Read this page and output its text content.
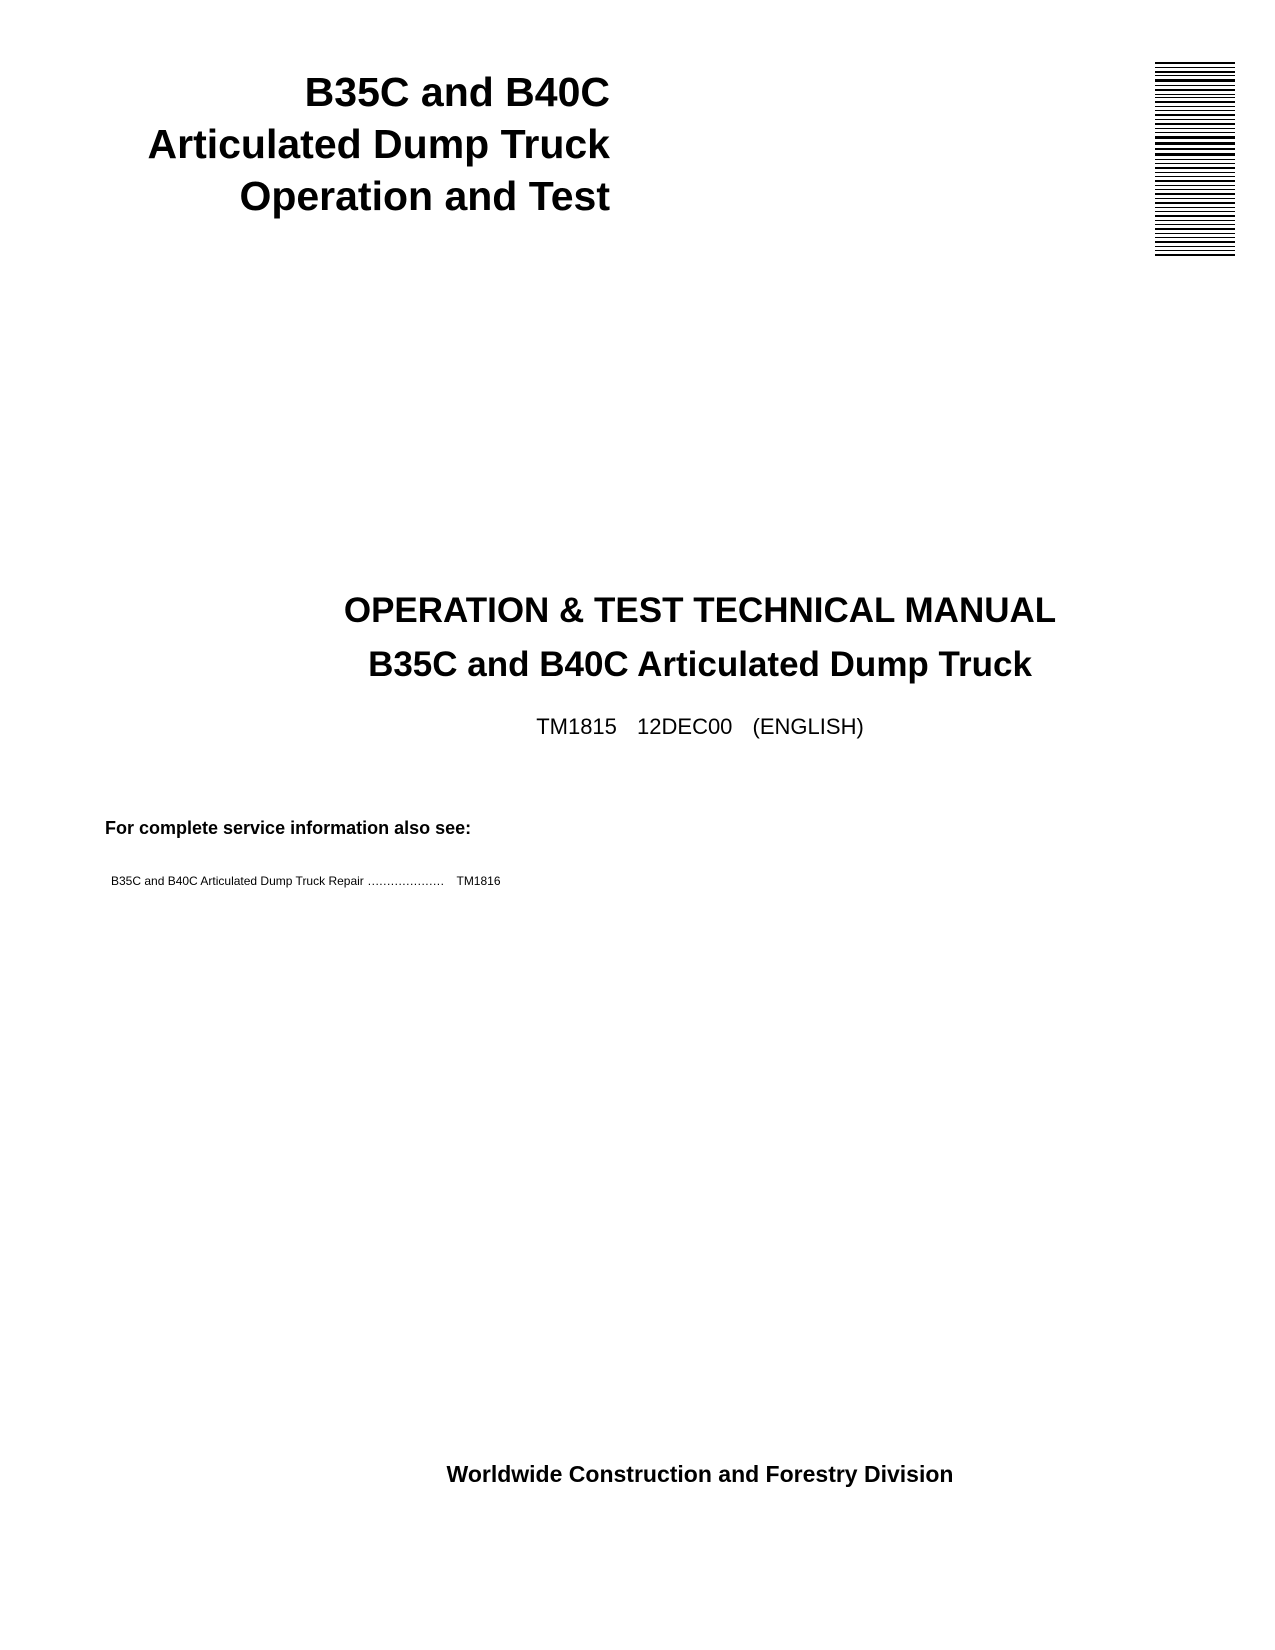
B35C and B40C
Articulated Dump Truck
Operation and Test
OPERATION & TEST TECHNICAL MANUAL
B35C and B40C Articulated Dump Truck
TM1815 12DEC00 (ENGLISH)
For complete service information also see:
B35C and B40C Articulated Dump Truck Repair .................... TM1816
Worldwide Construction and Forestry Division
